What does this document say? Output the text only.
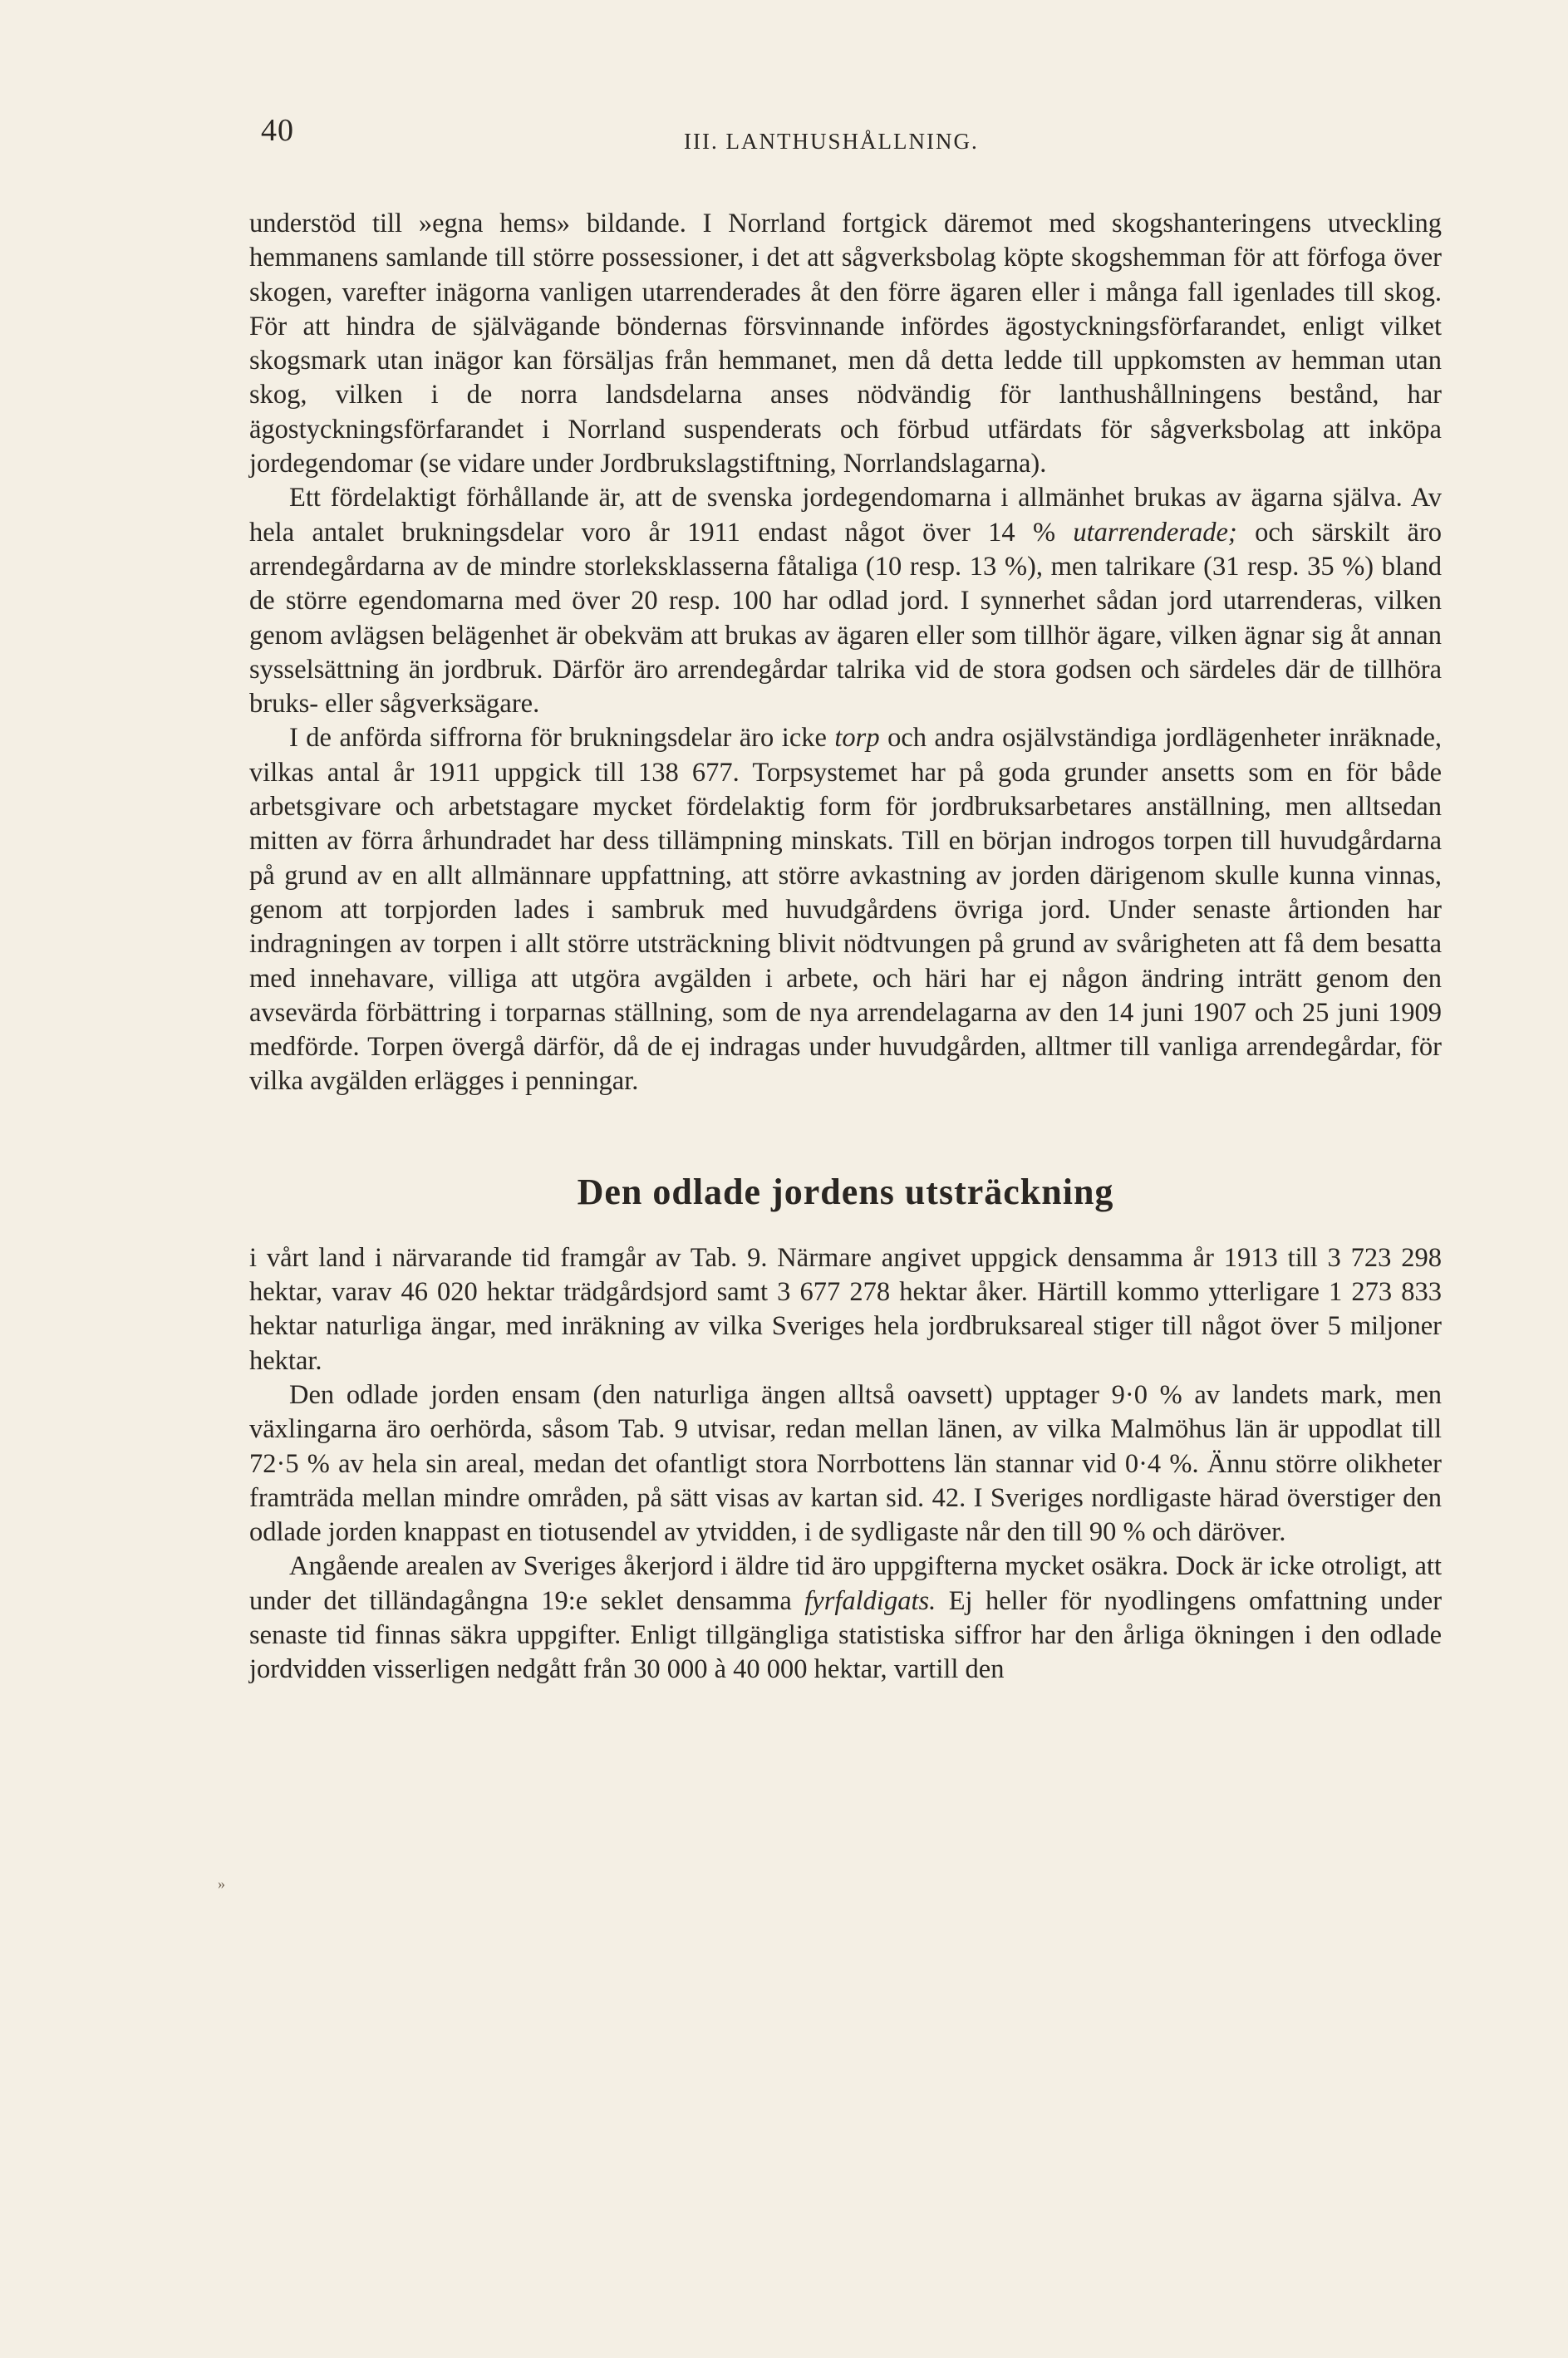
40	III. LANTHUSHÅLLNING.

understöd till »egna hems» bildande. I Norrland fortgick däremot med skogshanteringens utveckling hemmanens samlande till större possessioner, i det att sågverksbolag köpte skogshemman för att förfoga över skogen, varefter inägorna vanligen utarrenderades åt den förre ägaren eller i många fall igenlades till skog. För att hindra de självägande böndernas försvinnande infördes ägostyckningsförfarandet, enligt vilket skogsmark utan inägor kan försäljas från hemmanet, men då detta ledde till uppkomsten av hemman utan skog, vilken i de norra landsdelarna anses nödvändig för lanthushållningens bestånd, har ägostyckningsförfarandet i Norrland suspenderats och förbud utfärdats för sågverksbolag att inköpa jordegendomar (se vidare under Jordbrukslagstiftning, Norrlandslagarna).

Ett fördelaktigt förhållande är, att de svenska jordegendomarna i allmänhet brukas av ägarna själva. Av hela antalet brukningsdelar voro år 1911 endast något över 14 % utarrenderade; och särskilt äro arrendegårdarna av de mindre storleksklasserna fåtaliga (10 resp. 13 %), men talrikare (31 resp. 35 %) bland de större egendomarna med över 20 resp. 100 har odlad jord. I synnerhet sådan jord utarrenderas, vilken genom avlägsen belägenhet är obekväm att brukas av ägaren eller som tillhör ägare, vilken ägnar sig åt annan sysselsättning än jordbruk. Därför äro arrendegårdar talrika vid de stora godsen och särdeles där de tillhöra bruks- eller sågverksägare.

I de anförda siffrorna för brukningsdelar äro icke torp och andra osjälvständiga jordlägenheter inräknade, vilkas antal år 1911 uppgick till 138 677. Torpsystemet har på goda grunder ansetts som en för både arbetsgivare och arbetstagare mycket fördelaktig form för jordbruksarbetares anställning, men alltsedan mitten av förra århundradet har dess tillämpning minskats. Till en början indrogos torpen till huvudgårdarna på grund av en allt allmännare uppfattning, att större avkastning av jorden därigenom skulle kunna vinnas, genom att torpjorden lades i sambruk med huvudgårdens övriga jord. Under senaste årtionden har indragningen av torpen i allt större utsträckning blivit nödtvungen på grund av svårigheten att få dem besatta med innehavare, villiga att utgöra avgälden i arbete, och häri har ej någon ändring inträtt genom den avsevärda förbättring i torparnas ställning, som de nya arrendelagarna av den 14 juni 1907 och 25 juni 1909 medförde. Torpen övergå därför, då de ej indragas under huvudgården, alltmer till vanliga arrendegårdar, för vilka avgälden erlägges i penningar.

Den odlade jordens utsträckning

i vårt land i närvarande tid framgår av Tab. 9. Närmare angivet uppgick densamma år 1913 till 3 723 298 hektar, varav 46 020 hektar trädgårdsjord samt 3 677 278 hektar åker. Härtill kommo ytterligare 1 273 833 hektar naturliga ängar, med inräkning av vilka Sveriges hela jordbruksareal stiger till något över 5 miljoner hektar.

Den odlade jorden ensam (den naturliga ängen alltså oavsett) upptager 9·0 % av landets mark, men växlingarna äro oerhörda, såsom Tab. 9 utvisar, redan mellan länen, av vilka Malmöhus län är uppodlat till 72·5 % av hela sin areal, medan det ofantligt stora Norrbottens län stannar vid 0·4 %. Ännu större olikheter framträda mellan mindre områden, på sätt visas av kartan sid. 42. I Sveriges nordligaste härad överstiger den odlade jorden knappast en tiotusendel av ytvidden, i de sydligaste når den till 90 % och däröver.

Angående arealen av Sveriges åkerjord i äldre tid äro uppgifterna mycket osäkra. Dock är icke otroligt, att under det tilländagångna 19:e seklet densamma fyrfaldigats. Ej heller för nyodlingens omfattning under senaste tid finnas säkra uppgifter. Enligt tillgängliga statistiska siffror har den årliga ökningen i den odlade jordvidden visserligen nedgått från 30 000 à 40 000 hektar, vartill den

»
